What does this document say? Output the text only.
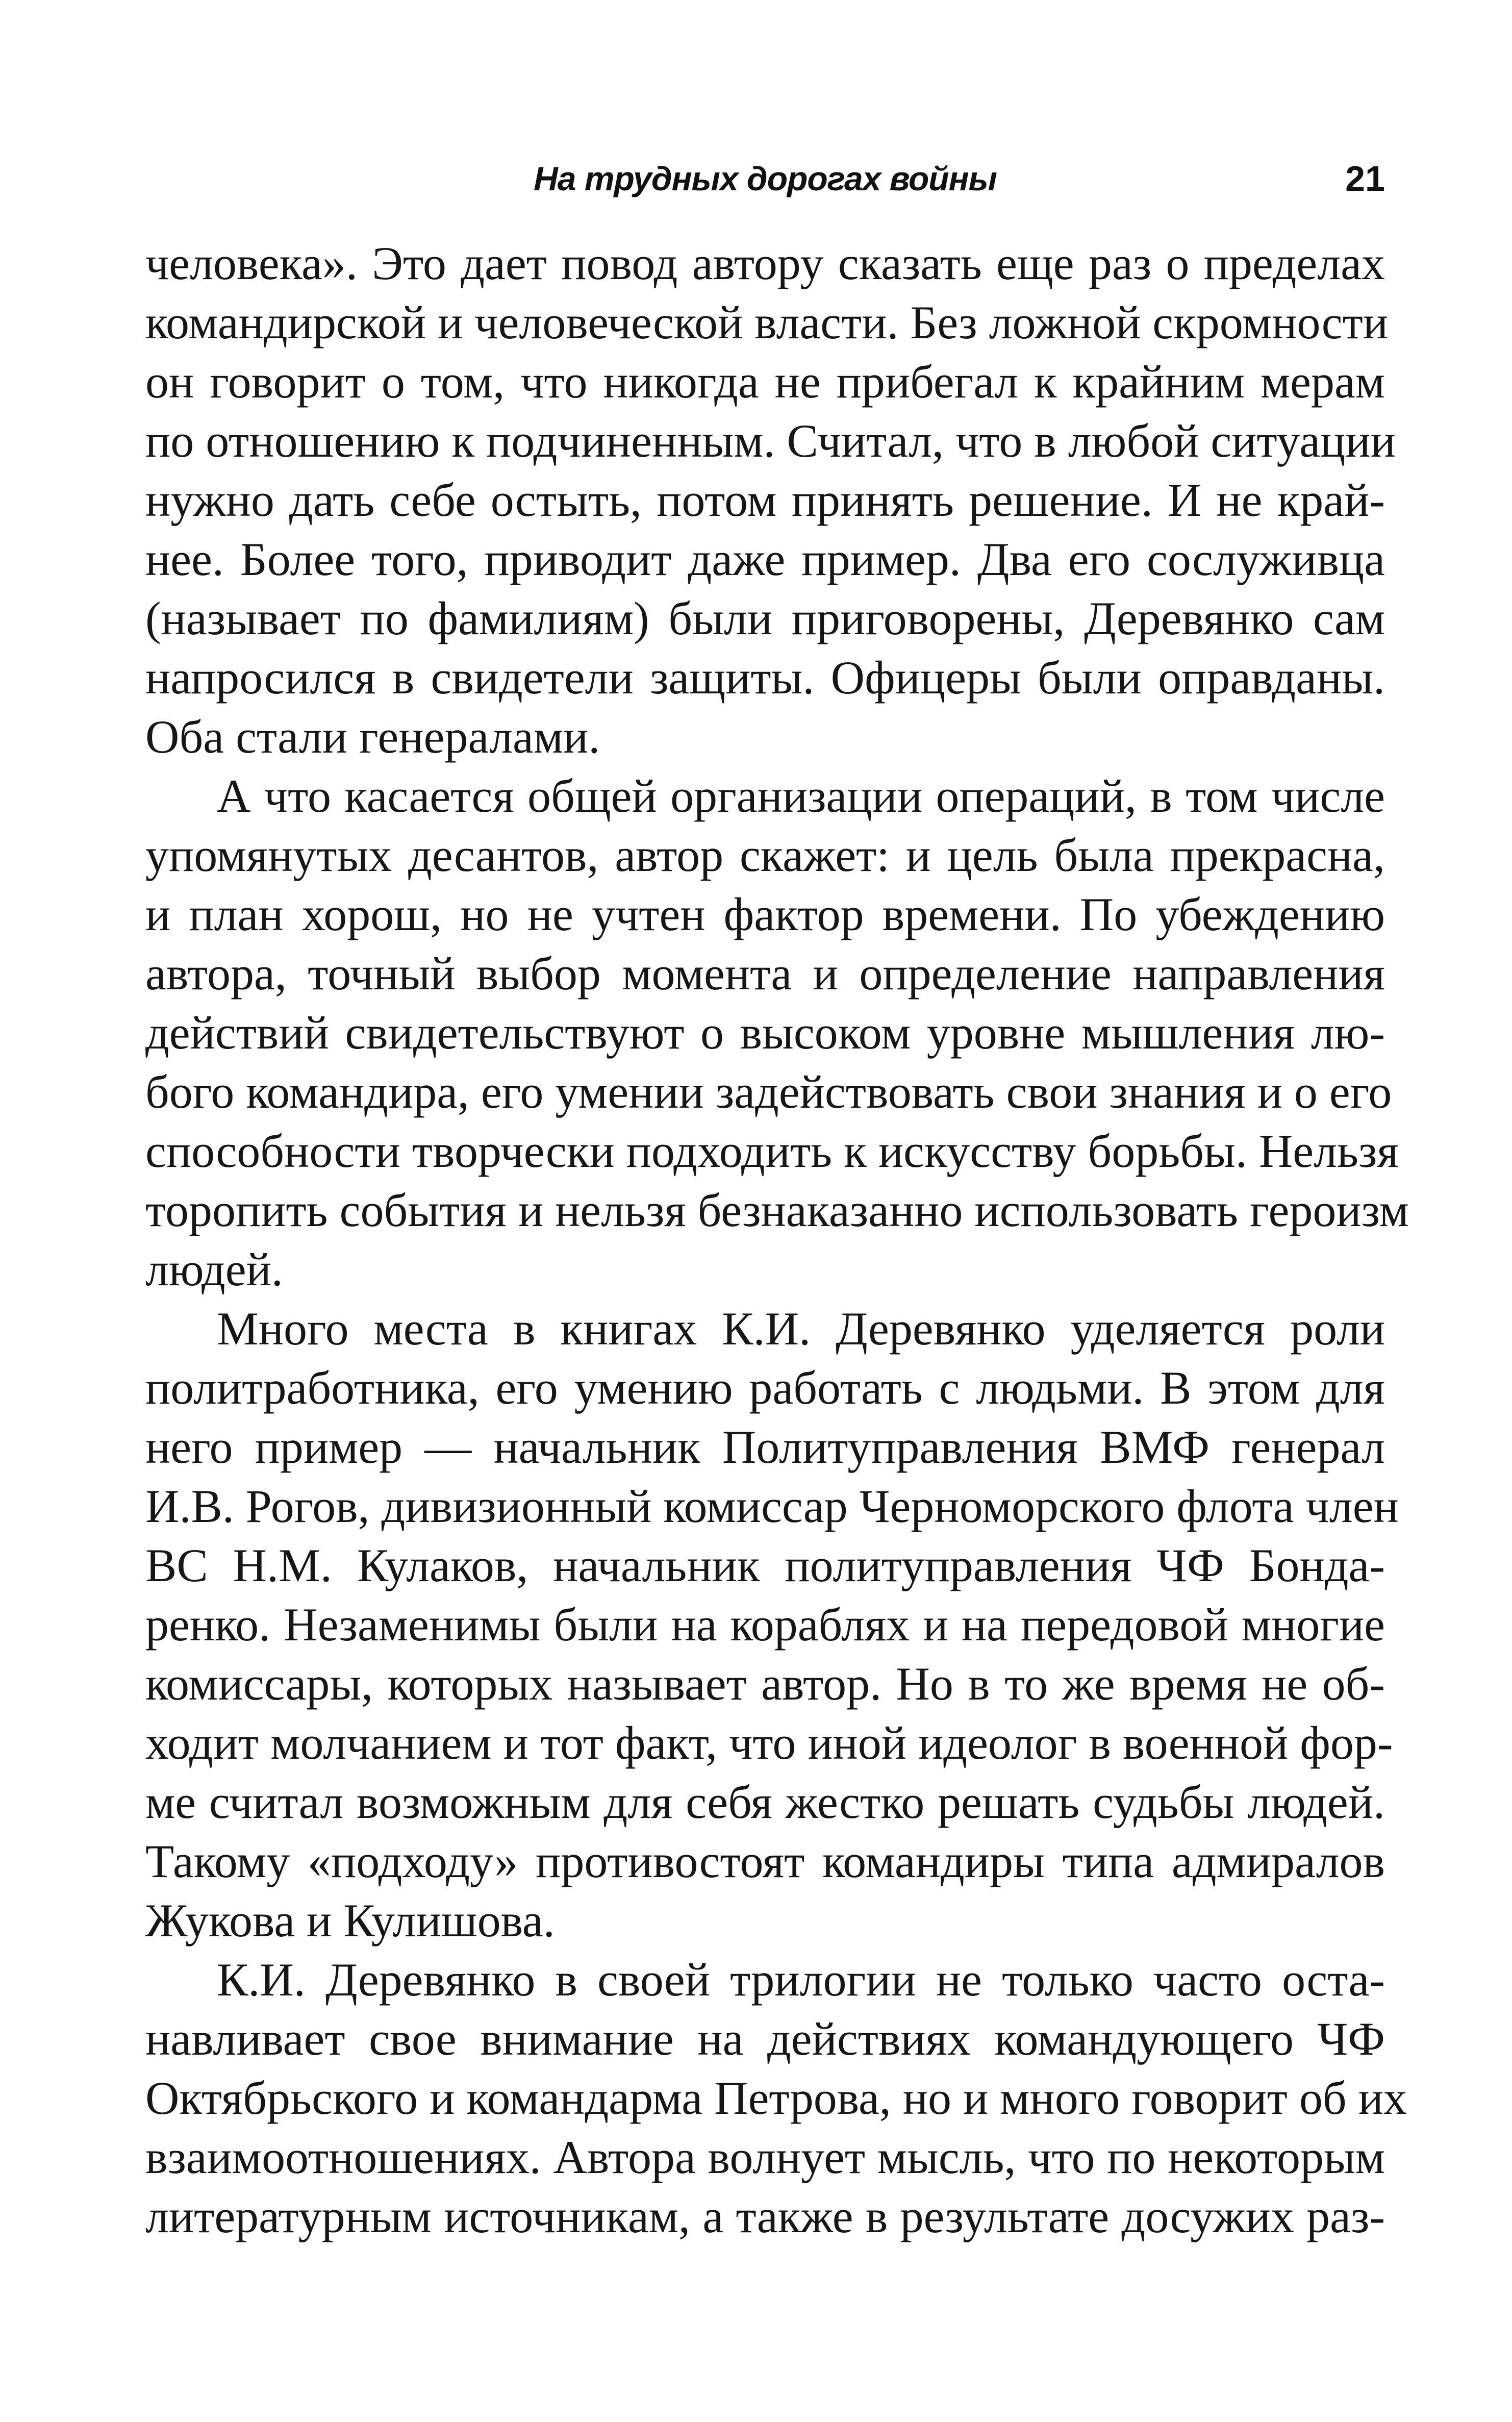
На трудных дорогах войны	21
человека». Это дает повод автору сказать еще раз о пределах
командирской и человеческой власти. Без ложной скромности
он говорит о том, что никогда не прибегал к крайним мерам
по отношению к подчиненным. Считал, что в любой ситуации
нужно дать себе остыть, потом принять решение. И не край-
нее. Более того, приводит даже пример. Два его сослуживца
(называет по фамилиям) были приговорены, Деревянко сам
напросился в свидетели защиты. Офицеры были оправданы.
Оба стали генералами.
А что касается общей организации операций, в том числе
упомянутых десантов, автор скажет: и цель была прекрасна,
и план хорош, но не учтен фактор времени. По убеждению
автора, точный выбор момента и определение направления
действий свидетельствуют о высоком уровне мышления лю-
бого командира, его умении задействовать свои знания и о его
способности творчески подходить к искусству борьбы. Нельзя
торопить события и нельзя безнаказанно использовать героизм
людей.
Много места в книгах К.И. Деревянко уделяется роли
политработника, его умению работать с людьми. В этом для
него пример — начальник Политуправления ВМФ генерал
И.В. Рогов, дивизионный комиссар Черноморского флота член
ВС Н.М. Кулаков, начальник политуправления ЧФ Бонда-
ренко. Незаменимы были на кораблях и на передовой многие
комиссары, которых называет автор. Но в то же время не об-
ходит молчанием и тот факт, что иной идеолог в военной фор-
ме считал возможным для себя жестко решать судьбы людей.
Такому «подходу» противостоят командиры типа адмиралов
Жукова и Кулишова.
К.И. Деревянко в своей трилогии не только часто оста-
навливает свое внимание на действиях командующего ЧФ
Октябрьского и командарма Петрова, но и много говорит об их
взаимоотношениях. Автора волнует мысль, что по некоторым
литературным источникам, а также в результате досужих раз-
